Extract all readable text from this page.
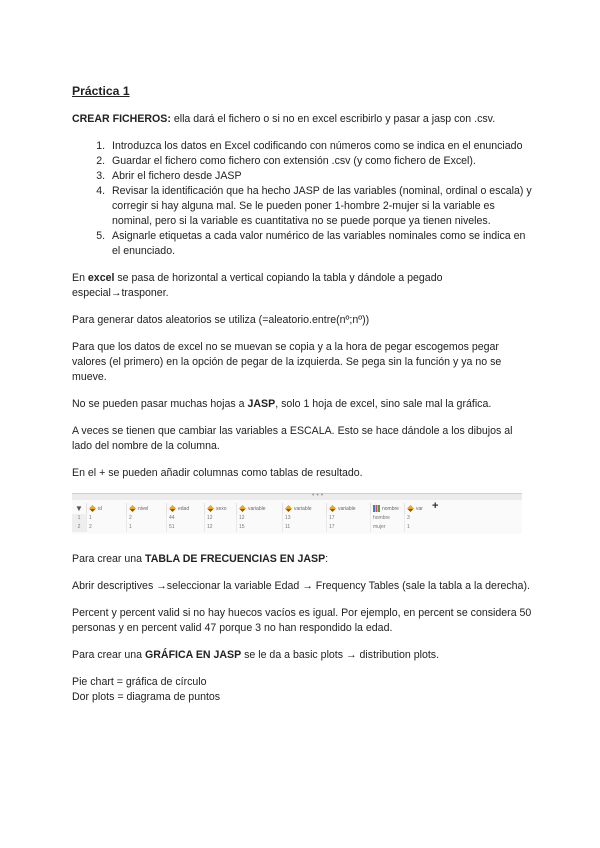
Práctica 1

CREAR FICHEROS: ella dará el fichero o si no en excel escribirlo y pasar a jasp con .csv.

1. Introduzca los datos en Excel codificando con números como se indica en el enunciado
2. Guardar el fichero como fichero con extensión .csv (y como fichero de Excel).
3. Abrir el fichero desde JASP
4. Revisar la identificación que ha hecho JASP de las variables (nominal, ordinal o escala) y corregir si hay alguna mal. Se le pueden poner 1-hombre 2-mujer si la variable es nominal, pero si la variable es cuantitativa no se puede porque ya tienen niveles.
5. Asignarle etiquetas a cada valor numérico de las variables nominales como se indica en el enunciado.

En excel se pasa de horizontal a vertical copiando la tabla y dándole a pegado especial→trasponer.

Para generar datos aleatorios se utiliza (=aleatorio.entre(nº;nº))

Para que los datos de excel no se muevan se copia y a la hora de pegar escogemos pegar valores (el primero) en la opción de pegar de la izquierda. Se pega sin la función y ya no se mueve.

No se pueden pasar muchas hojas a JASP, solo 1 hoja de excel, sino sale mal la gráfica.

A veces se tienen que cambiar las variables a ESCALA. Esto se hace dándole a los dibujos al lado del nombre de la columna.

En el + se pueden añadir columnas como tablas de resultado.

• • •
▼	id	nivel	edad	sexo	variable	variable	variable	nombre	var +
1	1	2	44	12	12	13	17	hombre	3
2	2	1	51	12	15	11	17	mujer	1

Para crear una TABLA DE FRECUENCIAS EN JASP:

Abrir descriptives →seleccionar la variable Edad → Frequency Tables (sale la tabla a la derecha).

Percent y percent valid si no hay huecos vacíos es igual. Por ejemplo, en percent se considera 50 personas y en percent valid 47 porque 3 no han respondido la edad.

Para crear una GRÁFICA EN JASP se le da a basic plots → distribution plots.

Pie chart = gráfica de círculo

Dor plots = diagrama de puntos
